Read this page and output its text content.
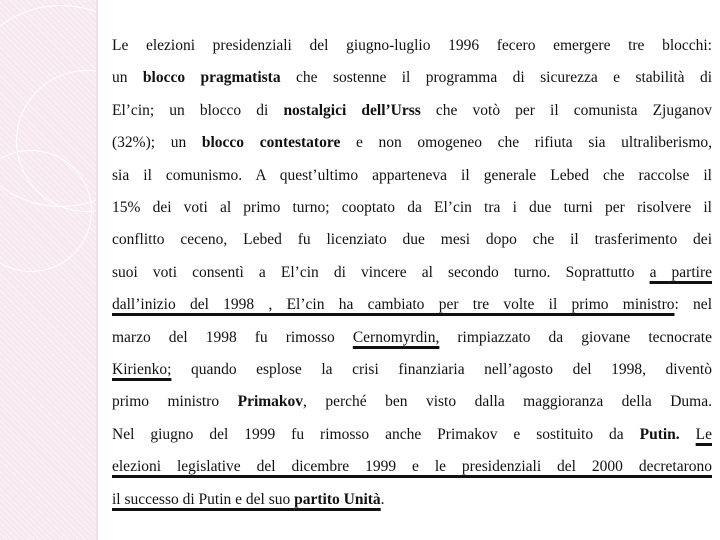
Le elezioni presidenziali del giugno-luglio 1996 fecero emergere tre blocchi:
un blocco pragmatista che sostenne il programma di sicurezza e stabilità di
El’cin; un blocco di nostalgici dell’Urss che votò per il comunista Zjuganov
(32%); un blocco contestatore e non omogeneo che rifiuta sia ultraliberismo,
sia il comunismo. A quest’ultimo apparteneva il generale Lebed che raccolse il
15% dei voti al primo turno; cooptato da El’cin tra i due turni per risolvere il
conflitto ceceno, Lebed fu licenziato due mesi dopo che il trasferimento dei
suoi voti consentì a El’cin di vincere al secondo turno. Soprattutto a partire
dall’inizio del 1998 , El’cin ha cambiato per tre volte il primo ministro: nel
marzo del 1998 fu rimosso Cernomyrdin, rimpiazzato da giovane tecnocrate
Kirienko; quando esplose la crisi finanziaria nell’agosto del 1998, diventò
primo ministro Primakov, perché ben visto dalla maggioranza della Duma.
Nel giugno del 1999 fu rimosso anche Primakov e sostituito da Putin. Le
elezioni legislative del dicembre 1999 e le presidenziali del 2000 decretarono
il successo di Putin e del suo partito Unità.
